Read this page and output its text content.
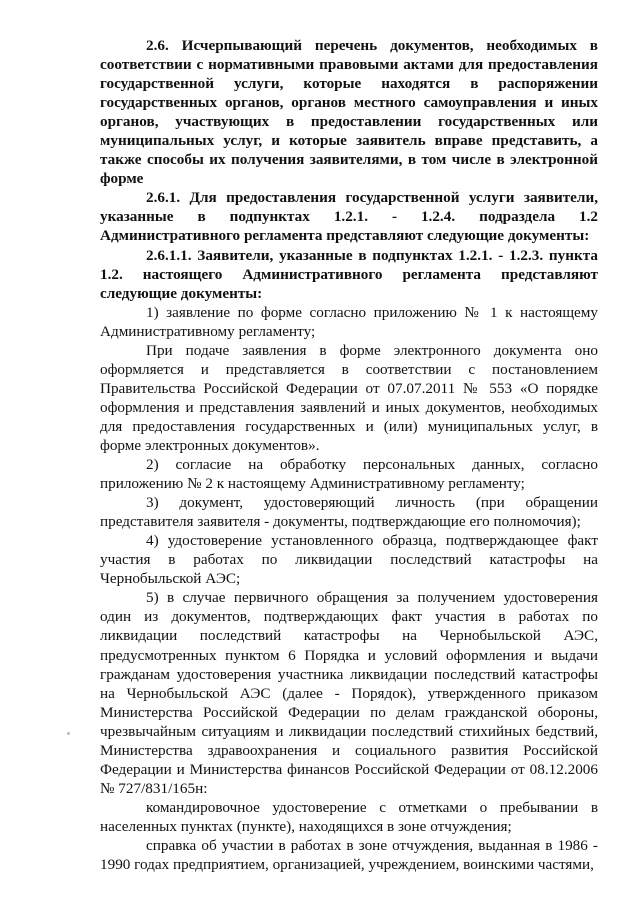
2.6. Исчерпывающий перечень документов, необходимых в соответствии с нормативными правовыми актами для предоставления государственной услуги, которые находятся в распоряжении государственных органов, органов местного самоуправления и иных органов, участвующих в предоставлении государственных или муниципальных услуг, и которые заявитель вправе представить, а также способы их получения заявителями, в том числе в электронной форме

2.6.1. Для предоставления государственной услуги заявители, указанные в подпунктах 1.2.1. - 1.2.4. подраздела 1.2 Административного регламента представляют следующие документы:

2.6.1.1. Заявители, указанные в подпунктах 1.2.1. - 1.2.3. пункта 1.2. настоящего Административного регламента представляют следующие документы:

1) заявление по форме согласно приложению № 1 к настоящему Административному регламенту;

При подаче заявления в форме электронного документа оно оформляется и представляется в соответствии с постановлением Правительства Российской Федерации от 07.07.2011 № 553 «О порядке оформления и представления заявлений и иных документов, необходимых для предоставления государственных и (или) муниципальных услуг, в форме электронных документов».

2) согласие на обработку персональных данных, согласно приложению № 2 к настоящему Административному регламенту;

3) документ, удостоверяющий личность (при обращении представителя заявителя - документы, подтверждающие его полномочия);

4) удостоверение установленного образца, подтверждающее факт участия в работах по ликвидации последствий катастрофы на Чернобыльской АЭС;

5) в случае первичного обращения за получением удостоверения один из документов, подтверждающих факт участия в работах по ликвидации последствий катастрофы на Чернобыльской АЭС, предусмотренных пунктом 6 Порядка и условий оформления и выдачи гражданам удостоверения участника ликвидации последствий катастрофы на Чернобыльской АЭС (далее - Порядок), утвержденного приказом Министерства Российской Федерации по делам гражданской обороны, чрезвычайным ситуациям и ликвидации последствий стихийных бедствий, Министерства здравоохранения и социального развития Российской Федерации и Министерства финансов Российской Федерации от 08.12.2006 № 727/831/165н:

командировочное удостоверение с отметками о пребывании в населенных пунктах (пункте), находящихся в зоне отчуждения;

справка об участии в работах в зоне отчуждения, выданная в 1986 - 1990 годах предприятием, организацией, учреждением, воинскими частями,
